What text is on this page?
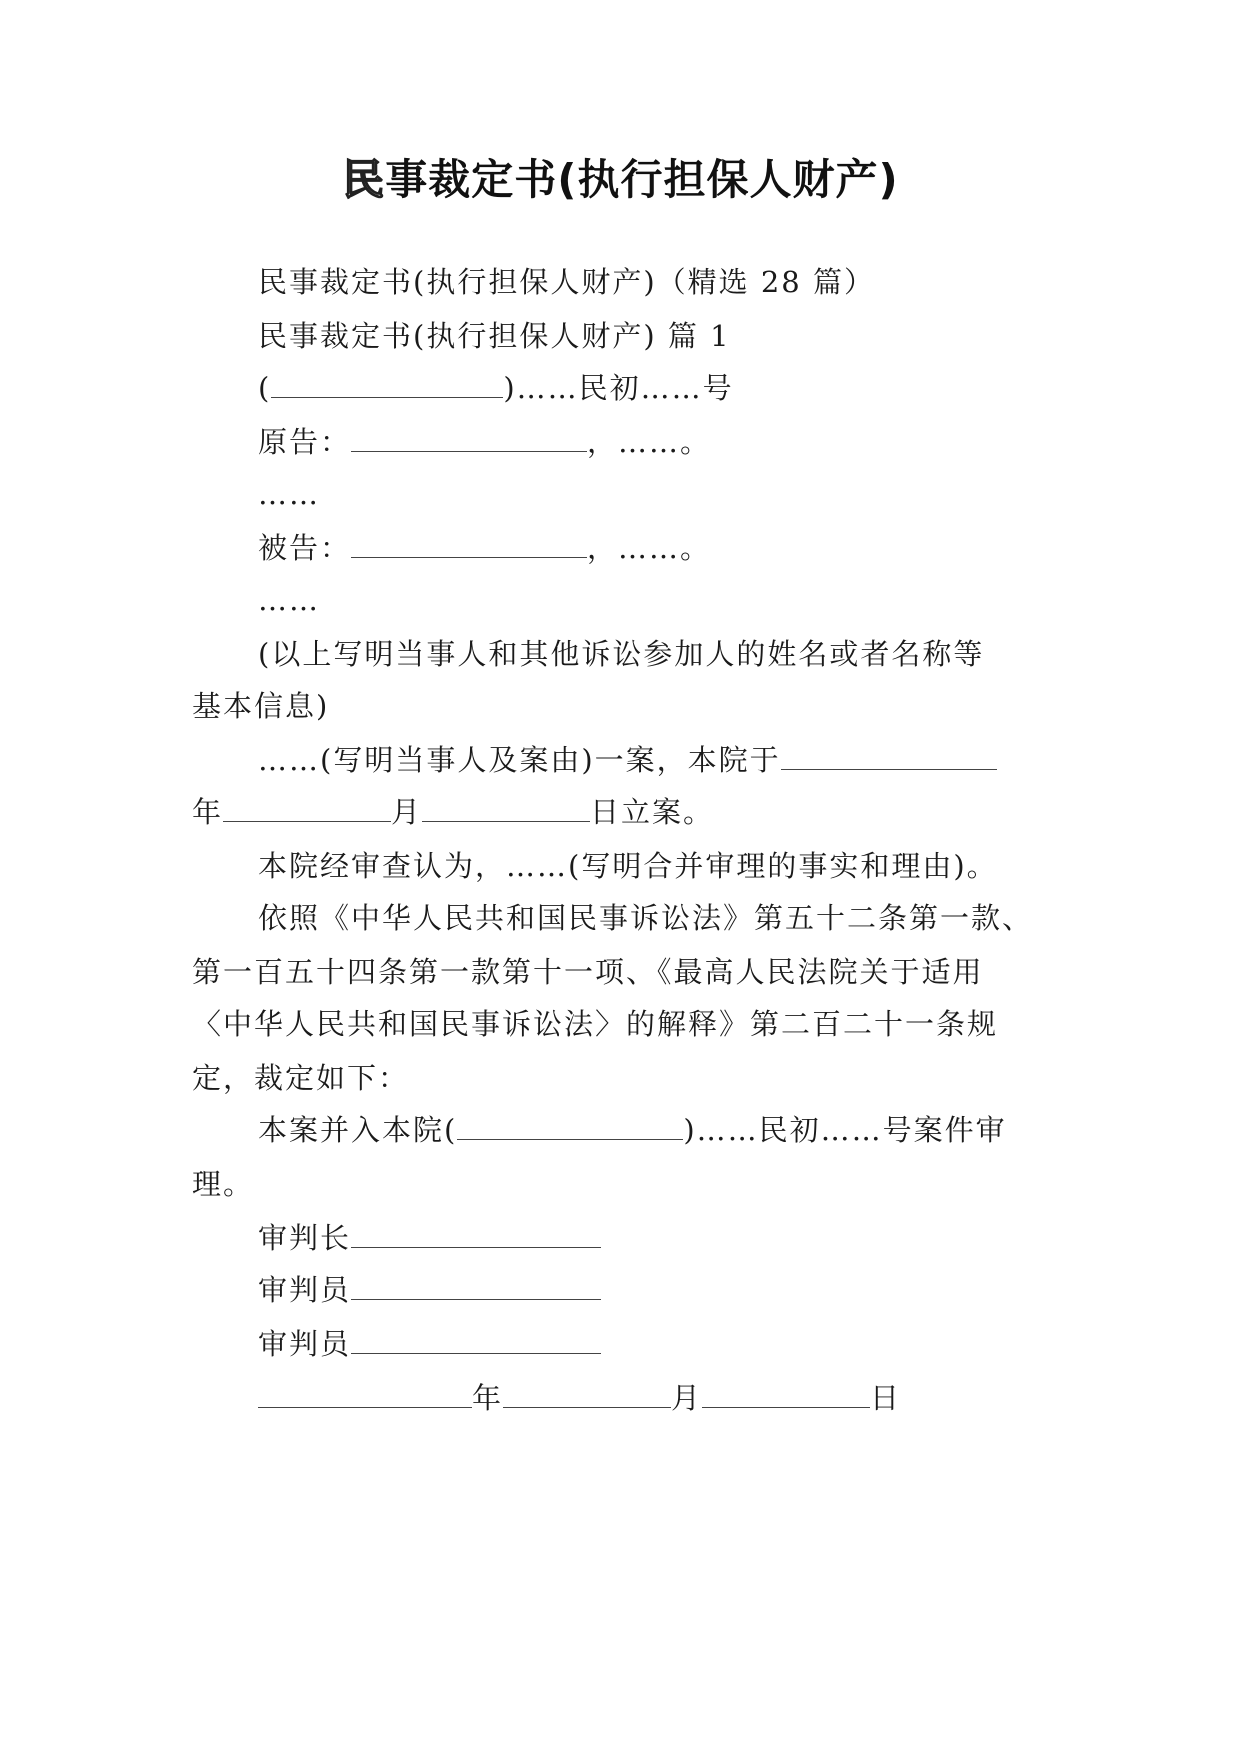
民事裁定书(执行担保人财产)
民事裁定书(执行担保人财产)（精选 28 篇）
民事裁定书(执行担保人财产) 篇 1
(	)……民初……号
原告：	，……。
……
被告：	，……。
……
(以上写明当事人和其他诉讼参加人的姓名或者名称等
基本信息)
……(写明当事人及案由)一案，本院于
年	月	日立案。
本院经审查认为，……(写明合并审理的事实和理由)。
依照《中华人民共和国民事诉讼法》第五十二条第一款、
第一百五十四条第一款第十一项、《最高人民法院关于适用
〈中华人民共和国民事诉讼法〉的解释》第二百二十一条规
定，裁定如下：
本案并入本院(	)……民初……号案件审
理。
审判长
审判员
审判员
年	月	日
